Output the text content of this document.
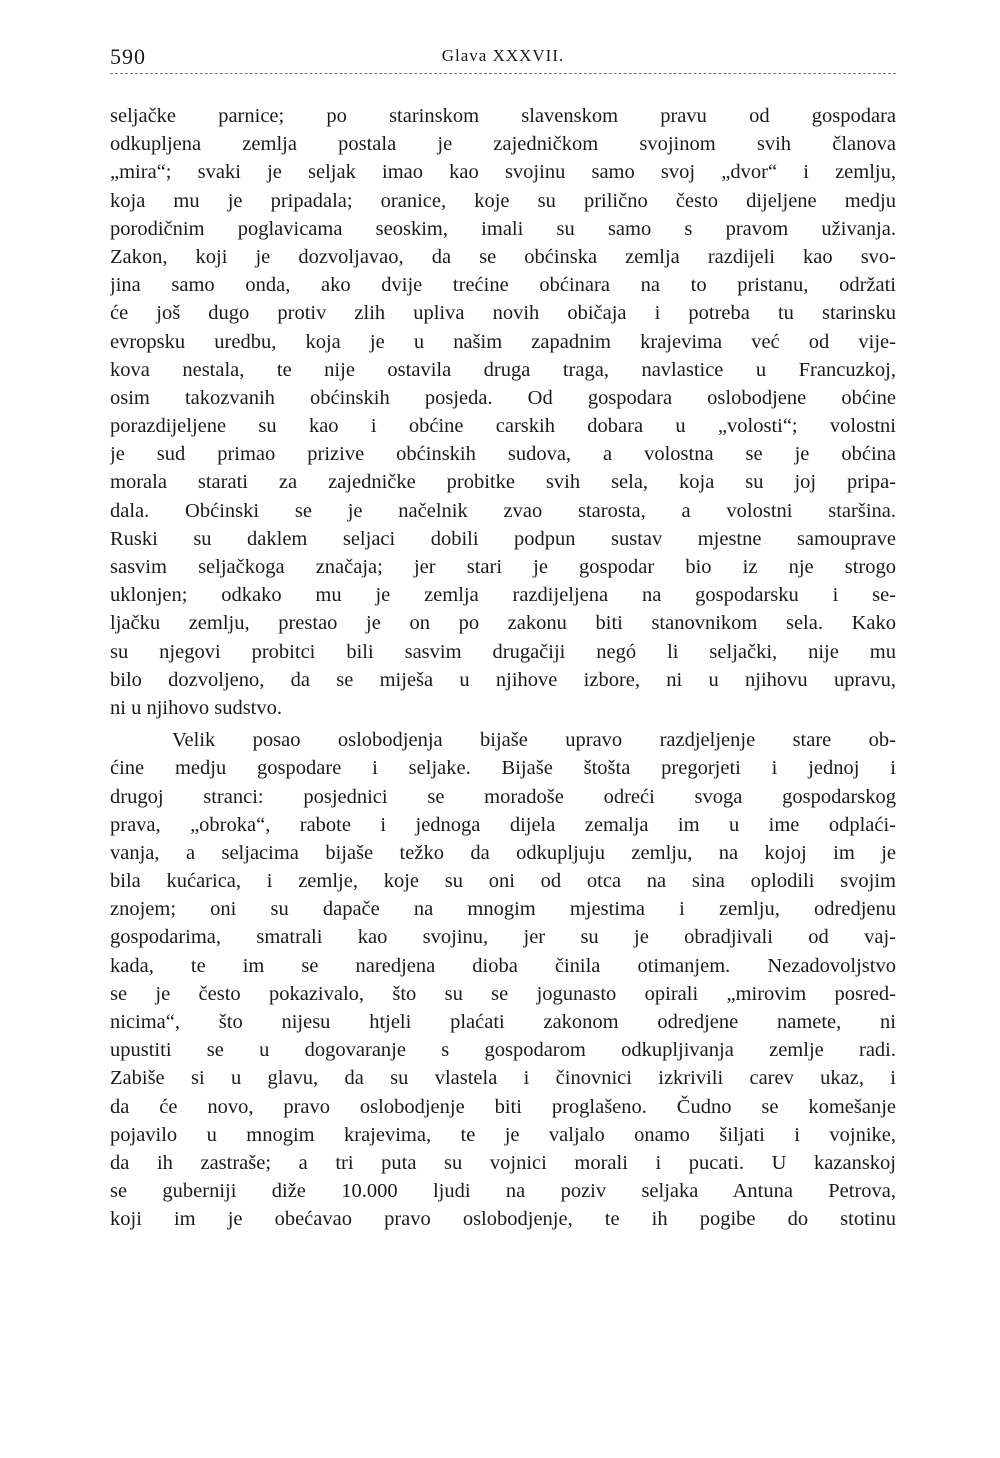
590	Glava XXXVII.
seljačke parnice; po starinskom slavenskom pravu od gospodara
odkupljena zemlja postala je zajedničkom svojinom svih članova
„mira“; svaki je seljak imao kao svojinu samo svoj „dvor“ i zemlju,
koja mu je pripadala; oranice, koje su prilično često dijeljene medju
porodičnim poglavicama seoskim, imali su samo s pravom uživanja.
Zakon, koji je dozvoljavao, da se obćinska zemlja razdijeli kao svo-
jina samo onda, ako dvije trećine obćinara na to pristanu, održati
će još dugo protiv zlih upliva novih običaja i potreba tu starinsku
evropsku uredbu, koja je u našim zapadnim krajevima već od vije-
kova nestala, te nije ostavila druga traga, navlastice u Francuzkoj,
osim takozvanih obćinskih posjeda. Od gospodara oslobodjene obćine
porazdijeljene su kao i obćine carskih dobara u „volosti“; volostni
je sud primao prizive obćinskih sudova, a volostna se je obćina
morala starati za zajedničke probitke svih sela, koja su joj pripa-
dala. Obćinski se je načelnik zvao starosta, a volostni staršina.
Ruski su daklem seljaci dobili podpun sustav mjestne samouprave
sasvim seljačkoga značaja; jer stari je gospodar bio iz nje strogo
uklonjen; odkako mu je zemlja razdijeljena na gospodarsku i se-
ljačku zemlju, prestao je on po zakonu biti stanovnikom sela. Kako
su njegovi probitci bili sasvim drugačiji negó li seljački, nije mu
bilo dozvoljeno, da se miješa u njihove izbore, ni u njihovu upravu,
ni u njihovo sudstvo.
Velik posao oslobodjenja bijaše upravo razdjeljenje stare ob-
ćine medju gospodare i seljake. Bijaše štošta pregorjeti i jednoj i
drugoj stranci: posjednici se moradoše odreći svoga gospodarskog
prava, „obroka“, rabote i jednoga dijela zemalja im u ime odplaći-
vanja, a seljacima bijaše težko da odkupljuju zemlju, na kojoj im je
bila kućarica, i zemlje, koje su oni od otca na sina oplodili svojim
znojem; oni su dapače na mnogim mjestima i zemlju, odredjenu
gospodarima, smatrali kao svojinu, jer su je obradjivali od vaj-
kada, te im se naredjena dioba činila otimanjem. Nezadovoljstvo
se je često pokazivalo, što su se jogunasto opirali „mirovim posred-
nicima“, što nijesu htjeli plaćati zakonom odredjene namete, ni
upustiti se u dogovaranje s gospodarom odkupljivanja zemlje radi.
Zabiše si u glavu, da su vlastela i činovnici izkrivili carev ukaz, i
da će novo, pravo oslobodjenje biti proglašeno. Čudno se komešanje
pojavilo u mnogim krajevima, te je valjalo onamo šiljati i vojnike,
da ih zastraše; a tri puta su vojnici morali i pucati. U kazanskoj
se guberniji diže 10.000 ljudi na poziv seljaka Antuna Petrova,
koji im je obećavao pravo oslobodjenje, te ih pogibe do stotinu
